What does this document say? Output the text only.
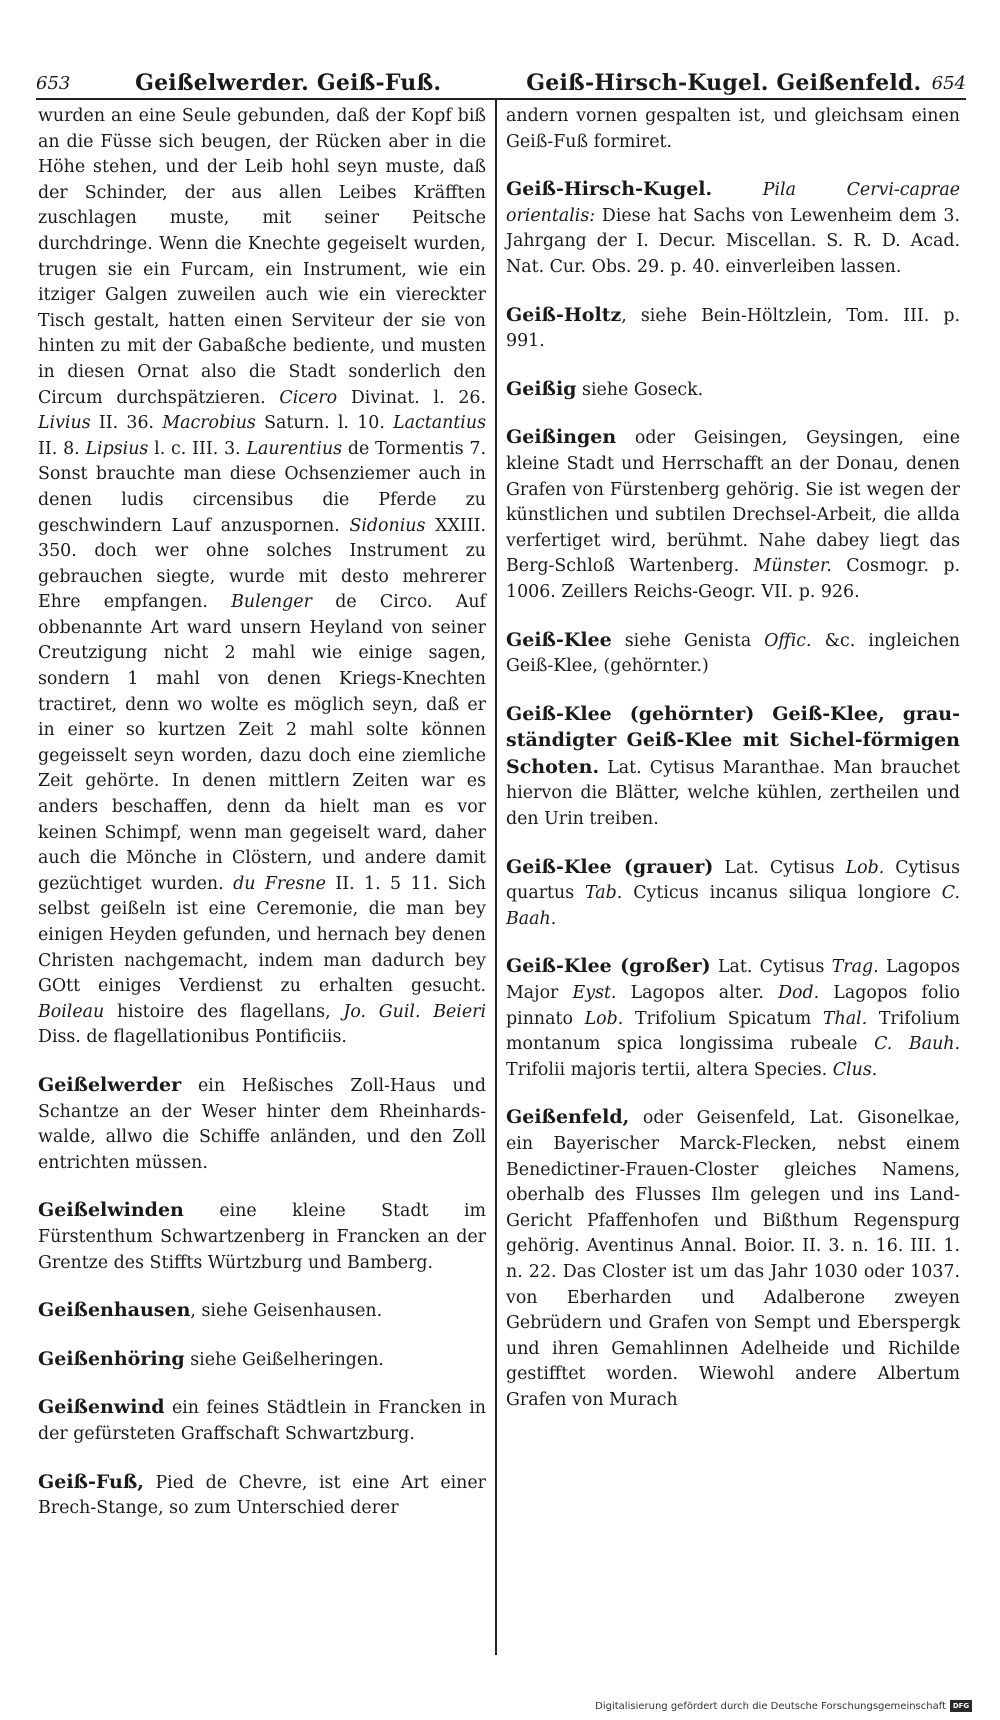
653	Geißelwerder. Geiß-Fuß.	Geiß-Hirsch-Kugel. Geißenfeld. 654

wurden an eine Seule gebunden, daß der Kopf biß an die Füsse sich beugen, der Rücken aber in die Höhe stehen, und der Leib hohl seyn muste, daß der Schinder, der aus allen Leibes Kräfften zuschlagen muste, mit seiner Peitsche durchdringe. Wenn die Knechte gegeiselt wurden, trugen sie ein Furcam, ein Instrument, wie ein itziger Galgen zuweilen auch wie ein viereckter Tisch gestalt, hatten einen Serviteur der sie von hinten zu mit der Gabaßche bediente, und musten in diesen Ornat also die Stadt sonderlich den Circum durchspätzieren. Cicero Divinat. l. 26. Livius II. 36. Macrobius Saturn. l. 10. Lactantius II. 8. Lipsius l. c. III. 3. Laurentius de Tormentis 7. Sonst brauchte man diese Ochsenziemer auch in denen ludis circensibus die Pferde zu geschwindern Lauf anzuspornen. Sidonius XXIII. 350. doch wer ohne solches Instrument zu gebrauchen siegte, wurde mit desto mehrerer Ehre empfangen. Bulenger de Circo. Auf obbenannte Art ward unsern Heyland von seiner Creutzigung nicht 2 mahl wie einige sagen, sondern 1 mahl von denen Kriegs-Knechten tractiret, denn wo wolte es möglich seyn, daß er in einer so kurtzen Zeit 2 mahl solte können gegeisselt seyn worden, dazu doch eine ziemliche Zeit gehörte. In denen mittlern Zeiten war es anders beschaffen, denn da hielt man es vor keinen Schimpf, wenn man gegeiselt ward, daher auch die Mönche in Clöstern, und andere damit gezüchtiget wurden. du Fresne II. 1. 5 11. Sich selbst geißeln ist eine Ceremonie, die man bey einigen Heyden gefunden, und hernach bey denen Christen nachgemacht, indem man dadurch bey GOtt einiges Verdienst zu erhalten gesucht. Boileau histoire des flagellans, Jo. Guil. Beieri Diss. de flagellationibus Pontificiis.

Geißelwerder ein Heßisches Zoll-Haus und Schantze an der Weser hinter dem Rheinhards-walde, allwo die Schiffe anländen, und den Zoll entrichten müssen.

Geißelwinden eine kleine Stadt im Fürstenthum Schwartzenberg in Francken an der Grentze des Stiffts Würtzburg und Bamberg.

Geißenhausen, siehe Geisenhausen.

Geißenhöring siehe Geißelheringen.

Geißenwind ein feines Städtlein in Francken in der gefürsteten Graffschaft Schwartzburg.

Geiß-Fuß, Pied de Chevre, ist eine Art einer Brech-Stange, so zum Unterschied derer

andern vornen gespalten ist, und gleichsam einen Geiß-Fuß formiret.

Geiß-Hirsch-Kugel.	Pila Cervi-caprae orientalis: Diese hat Sachs von Lewenheim dem 3. Jahrgang der I. Decur. Miscellan. S. R. D. Acad. Nat. Cur. Obs. 29. p. 40. einverleiben lassen.

Geiß-Holtz, siehe Bein-Höltzlein, Tom. III. p. 991.

Geißig siehe Goseck.

Geißingen oder Geisingen, Geysingen, eine kleine Stadt und Herrschafft an der Donau, denen Grafen von Fürstenberg gehörig. Sie ist wegen der künstlichen und subtilen Drechsel-Arbeit, die allda verfertiget wird, berühmt. Nahe dabey liegt das Berg-Schloß Wartenberg. Münster. Cosmogr. p. 1006. Zeillers Reichs-Geogr. VII. p. 926.

Geiß-Klee siehe Genista Offic. &c. ingleichen Geiß-Klee, (gehörnter.)

Geiß-Klee (gehörnter) Geiß-Klee, grau-ständigter Geiß-Klee mit Sichel-förmigen Schoten. Lat. Cytisus Maranthae. Man brauchet hiervon die Blätter, welche kühlen, zertheilen und den Urin treiben.

Geiß-Klee (grauer) Lat. Cytisus Lob. Cytisus quartus Tab. Cyticus incanus siliqua longiore C. Baah.

Geiß-Klee (großer) Lat. Cytisus Trag. Lagopos Major Eyst. Lagopos alter. Dod. Lagopos folio pinnato Lob. Trifolium Spicatum Thal. Trifolium montanum spica longissima rubeale C. Bauh. Trifolii majoris tertii, altera Species. Clus.

Geißenfeld, oder Geisenfeld, Lat. Gisonelkae, ein Bayerischer Marck-Flecken, nebst einem Benedictiner-Frauen-Closter gleiches Namens, oberhalb des Flusses Ilm gelegen und ins Land-Gericht Pfaffenhofen und Bißthum Regenspurg gehörig. Aventinus Annal. Boior. II. 3. n. 16. III. 1. n. 22. Das Closter ist um das Jahr 1030 oder 1037. von Eberharden und Adalberone zweyen Gebrüdern und Grafen von Sempt und Eberspergk und ihren Gemahlinnen Adelheide und Richilde gestifftet worden. Wiewohl andere Albertum Grafen von Murach

Digitalisierung gefördert durch die Deutsche Forschungsgemeinschaft DFG
